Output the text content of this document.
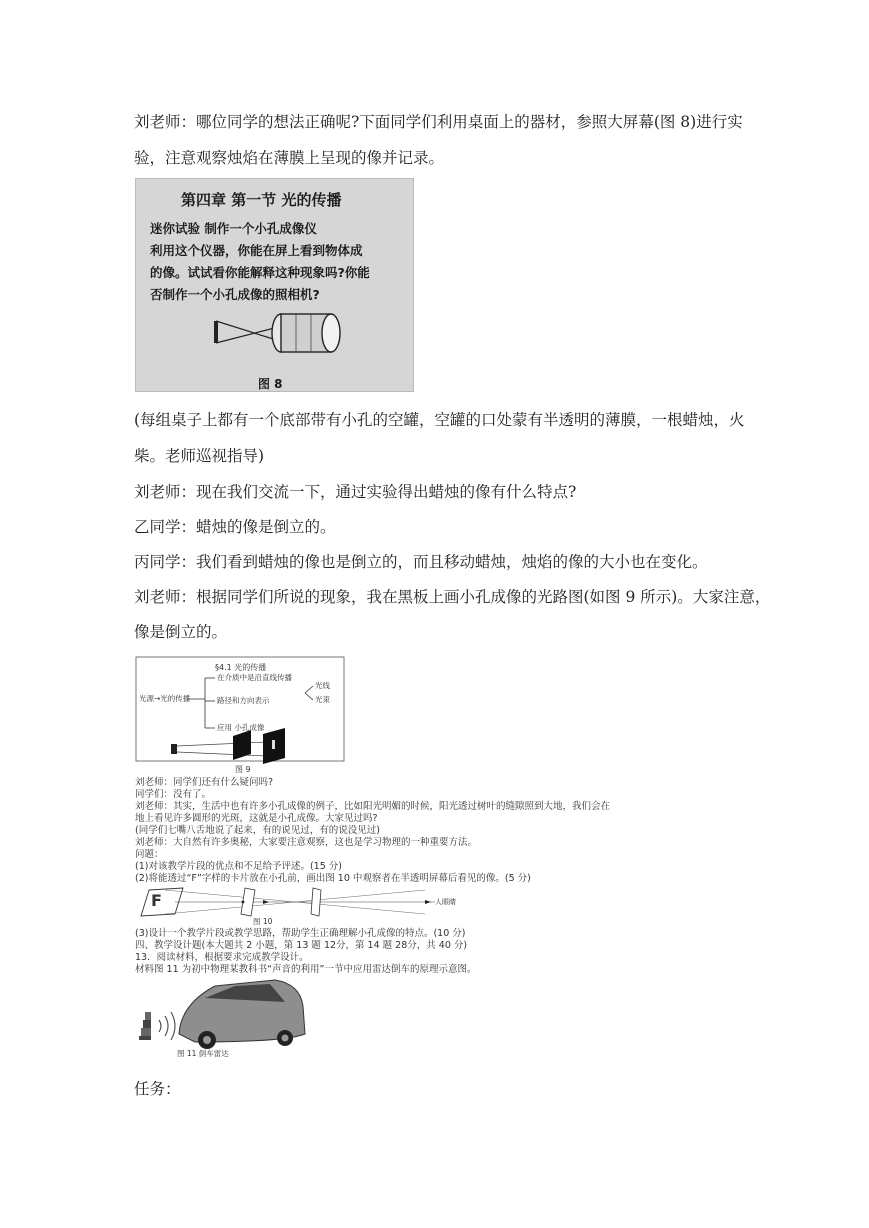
刘老师：哪位同学的想法正确呢?下面同学们利用桌面上的器材，参照大屏幕(图 8)进行实
验，注意观察烛焰在薄膜上呈现的像并记录。
第四章 第一节 光的传播
迷你试验 制作一个小孔成像仪
利用这个仪器，你能在屏上看到物体成
的像。试试看你能解释这种现象吗?你能
否制作一个小孔成像的照相机?
图 8
(每组桌子上都有一个底部带有小孔的空罐，空罐的口处蒙有半透明的薄膜，一根蜡烛，火
柴。老师巡视指导)
刘老师：现在我们交流一下，通过实验得出蜡烛的像有什么特点?
乙同学：蜡烛的像是倒立的。
丙同学：我们看到蜡烛的像也是倒立的，而且移动蜡烛，烛焰的像的大小也在变化。
刘老师：根据同学们所说的现象，我在黑板上画小孔成像的光路图(如图 9 所示)。大家注意，
像是倒立的。
§4.1 光的传播
光源→光的传播
在介质中是沿直线传播
路径和方向表示
应用 小孔成像
光线
光束
图 9
刘老师：同学们还有什么疑问吗?
同学们：没有了。
刘老师：其实，生活中也有许多小孔成像的例子，比如阳光明媚的时候，阳光透过树叶的缝隙照到大地，我们会在
地上看见许多圆形的光斑，这就是小孔成像。大家见过吗?
(同学们七嘴八舌地说了起来，有的说见过，有的说没见过)
刘老师：大自然有许多奥秘，大家要注意观察，这也是学习物理的一种重要方法。
问题：
(1)对该教学片段的优点和不足给予评述。(15 分)
(2)将能透过“F”字样的卡片放在小孔前，画出图 10 中观察者在半透明屏幕后看见的像。(5 分)
F	人眼睛
图 10
(3)设计一个教学片段或教学思路，帮助学生正确理解小孔成像的特点。(10 分)
四、教学设计题(本大题共 2 小题，第 13 题 12分，第 14 题 28分，共 40 分)
13．阅读材料，根据要求完成教学设计。
材料图 11 为初中物理某教科书“声音的利用”一节中应用雷达倒车的原理示意图。
图 11 倒车雷达
任务：
